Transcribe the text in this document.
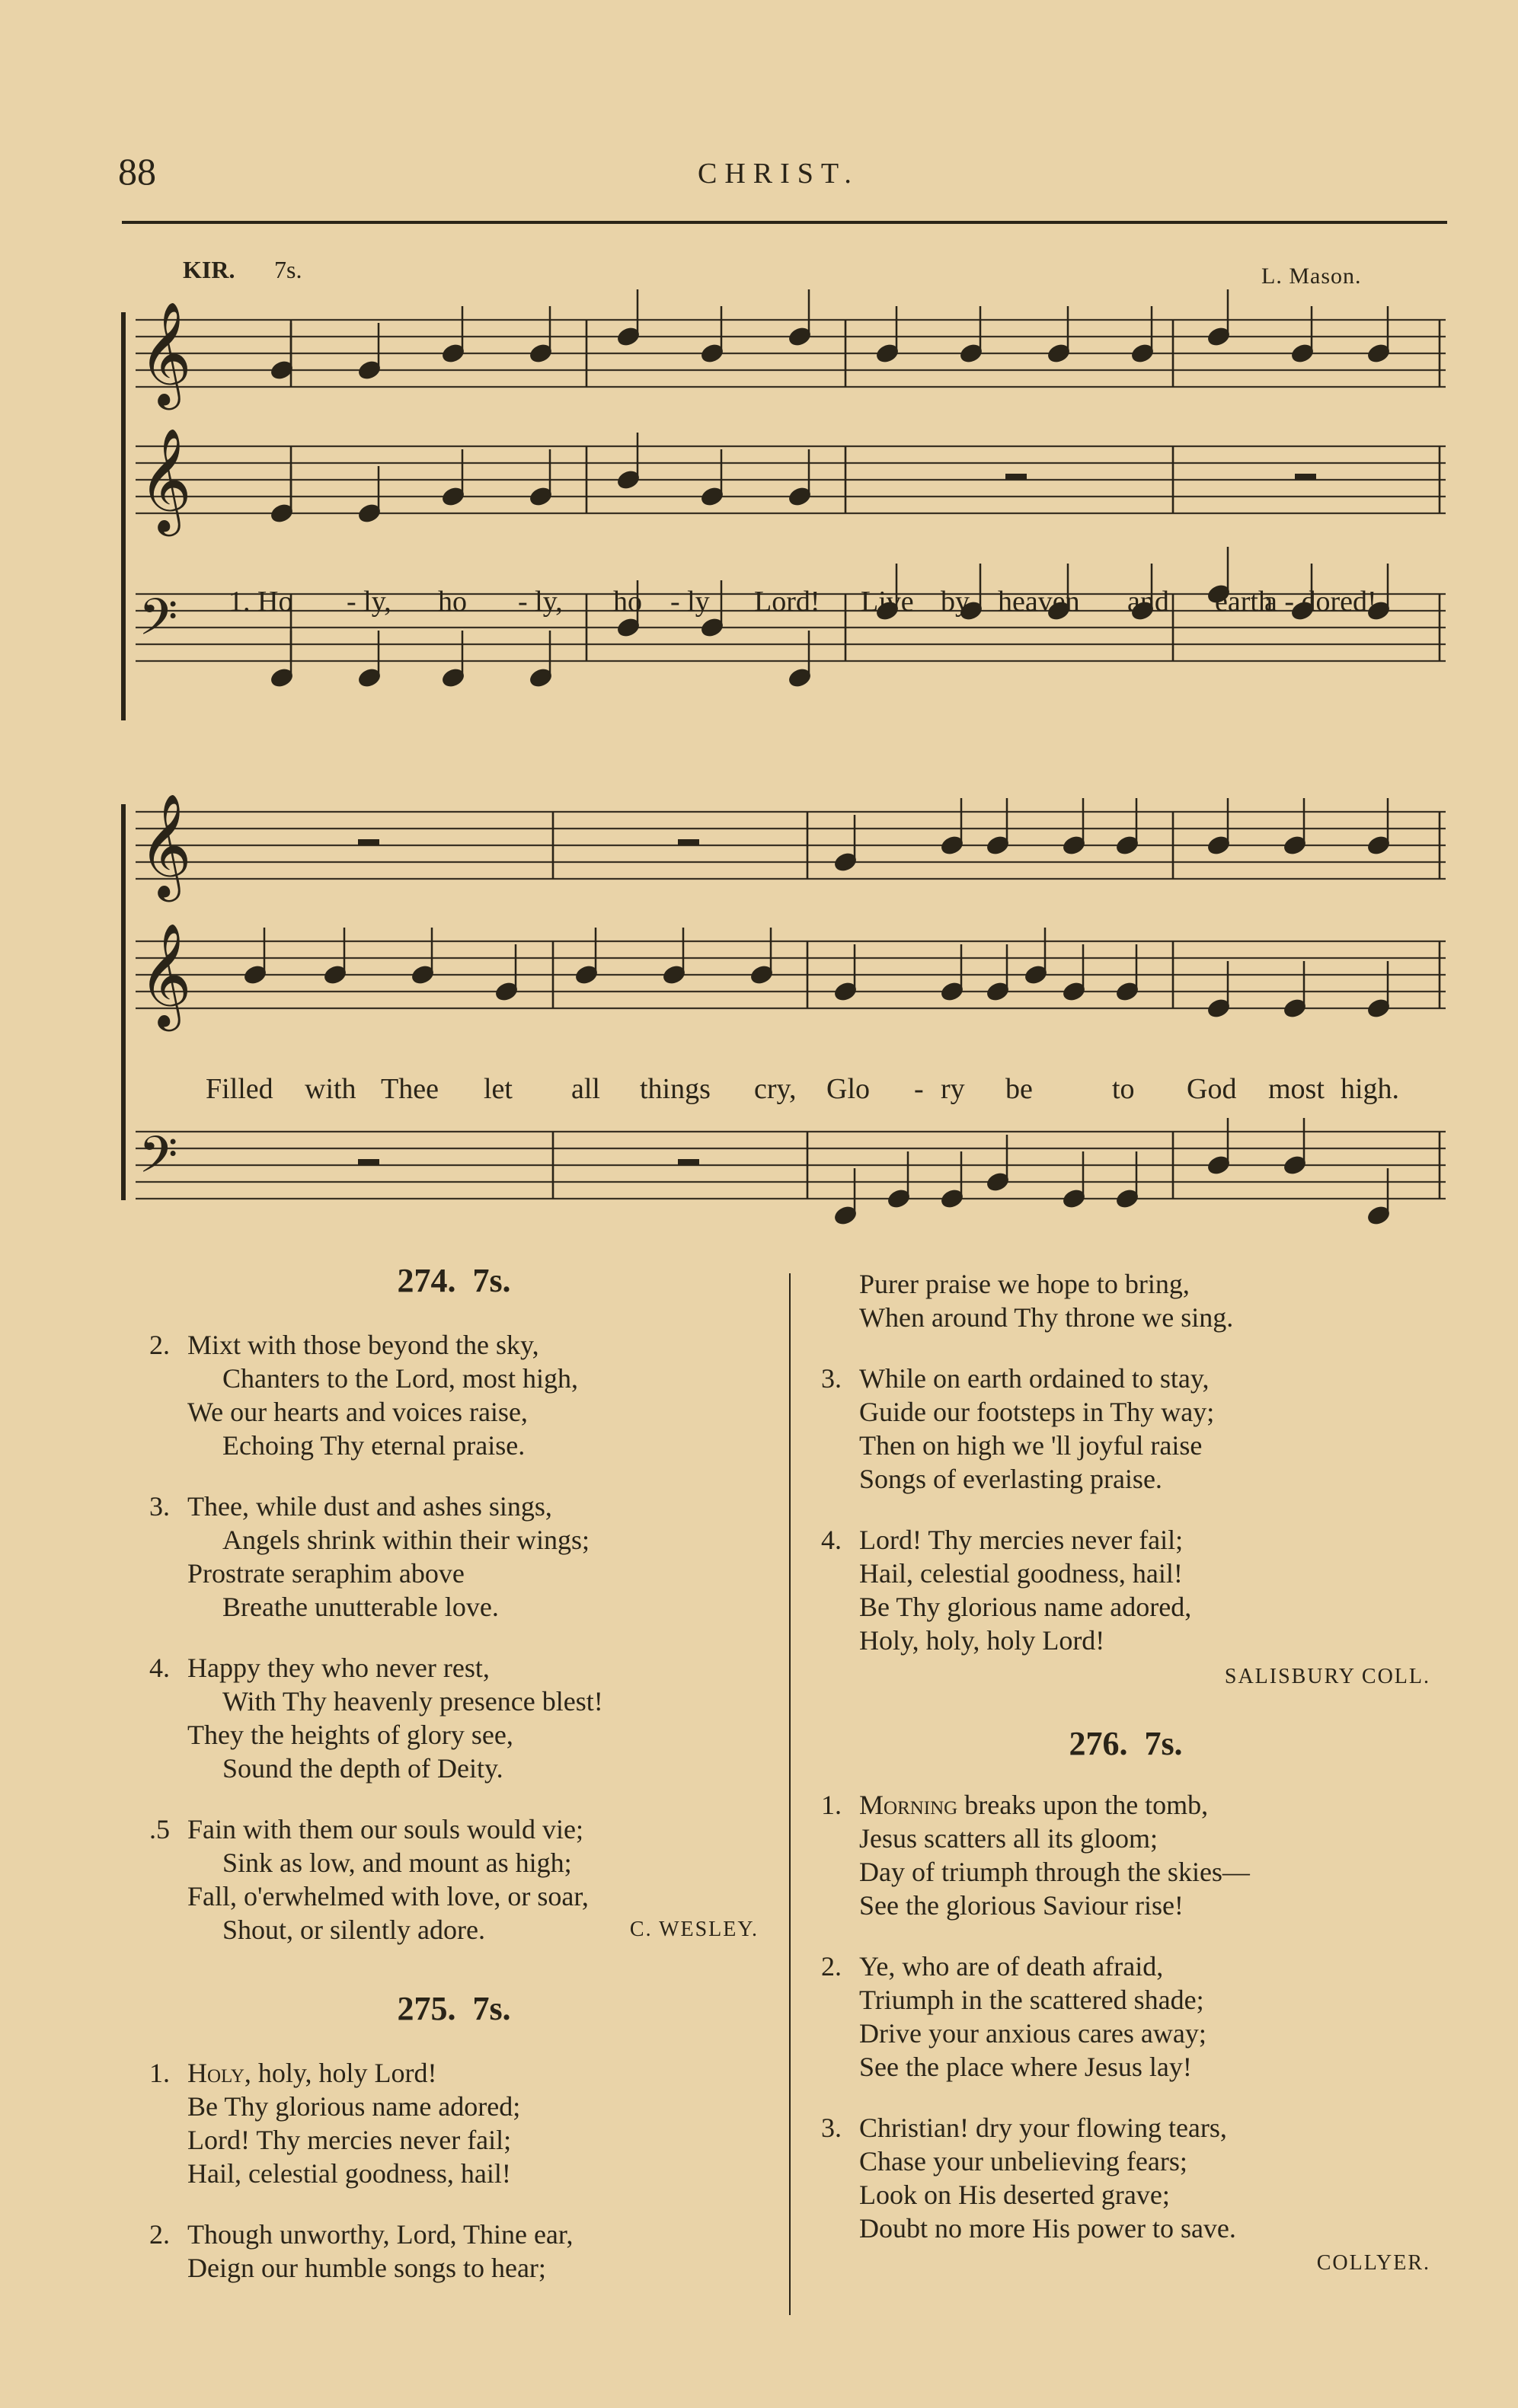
88	CHRIST.
KIR. 7s.	L. Mason.
𝄞
𝄞
𝄢
𝄞
𝄞
𝄢
1. Ho - ly, ho - ly, ho - ly Lord! Live by heaven and earth
a - dored!
Filled with Thee let all things cry, Glo - ry be	to God most high.
274. 7s.
2. Mixt with those beyond the sky,
Chanters to the Lord, most high,
We our hearts and voices raise,
Echoing Thy eternal praise.
3. Thee, while dust and ashes sings,
Angels shrink within their wings;
Prostrate seraphim above
Breathe unutterable love.
4. Happy they who never rest,
With Thy heavenly presence blest!
They the heights of glory see,
Sound the depth of Deity.
.5 Fain with them our souls would vie;
Sink as low, and mount as high;
Fall, o'erwhelmed with love, or soar,
Shout, or silently adore.	C. WESLEY.
275. 7s.
1. Holy, holy, holy Lord!
Be Thy glorious name adored;
Lord! Thy mercies never fail;
Hail, celestial goodness, hail!
2. Though unworthy, Lord, Thine ear,
Deign our humble songs to hear;
Purer praise we hope to bring,
When around Thy throne we sing.
3. While on earth ordained to stay,
Guide our footsteps in Thy way;
Then on high we 'll joyful raise
Songs of everlasting praise.
4. Lord! Thy mercies never fail;
Hail, celestial goodness, hail!
Be Thy glorious name adored,
Holy, holy, holy Lord!
SALISBURY COLL.
276. 7s.
1. Morning breaks upon the tomb,
Jesus scatters all its gloom;
Day of triumph through the skies—
See the glorious Saviour rise!
2. Ye, who are of death afraid,
Triumph in the scattered shade;
Drive your anxious cares away;
See the place where Jesus lay!
3. Christian! dry your flowing tears,
Chase your unbelieving fears;
Look on His deserted grave;
Doubt no more His power to save.
COLLYER.
